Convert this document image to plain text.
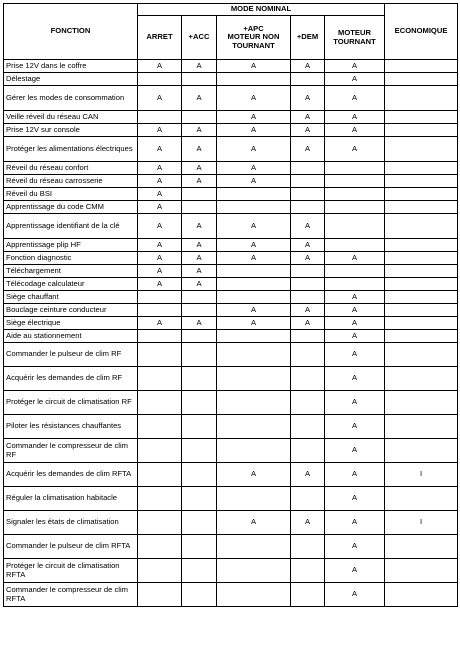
FONCTION	MODE NOMINAL					ECONOMIQUE
	ARRET	+ACC	+APC
MOTEUR NON
TOURNANT	+DEM	MOTEUR
TOURNANT	
Prise 12V dans le coffre	A	A	A	A	A	
Délestage					A	
Gérer les modes de consommation	A	A	A	A	A	
Veille réveil du réseau CAN			A	A	A	
Prise 12V sur console	A	A	A	A	A	
Protéger les alimentations électriques	A	A	A	A	A	
Réveil du réseau confort	A	A	A			
Réveil du réseau carrosserie	A	A	A			
Réveil du BSI	A					
Apprentissage du code CMM	A					
Apprentissage identifiant de la clé	A	A	A	A		
Apprentissage plip HF	A	A	A	A		
Fonction diagnostic	A	A	A	A	A	
Téléchargement	A	A				
Télécodage calculateur	A	A				
Siège chauffant					A	
Bouclage ceinture conducteur			A	A	A	
Siège électrique	A	A	A	A	A	
Aide au stationnement					A	
Commander le pulseur de clim RF					A	
Acquérir les demandes de clim RF					A	
Protéger le circuit de climatisation RF					A	
Piloter les résistances chauffantes					A	
Commander le compresseur de clim RF					A	
Acquérir les demandes de clim RFTA			A	A	A	I
Réguler la climatisation habitacle					A	
Signaler les états de climatisation			A	A	A	I
Commander le pulseur de clim RFTA					A	
Protéger le circuit de climatisation RFTA					A	
Commander le compresseur de clim RFTA					A	
